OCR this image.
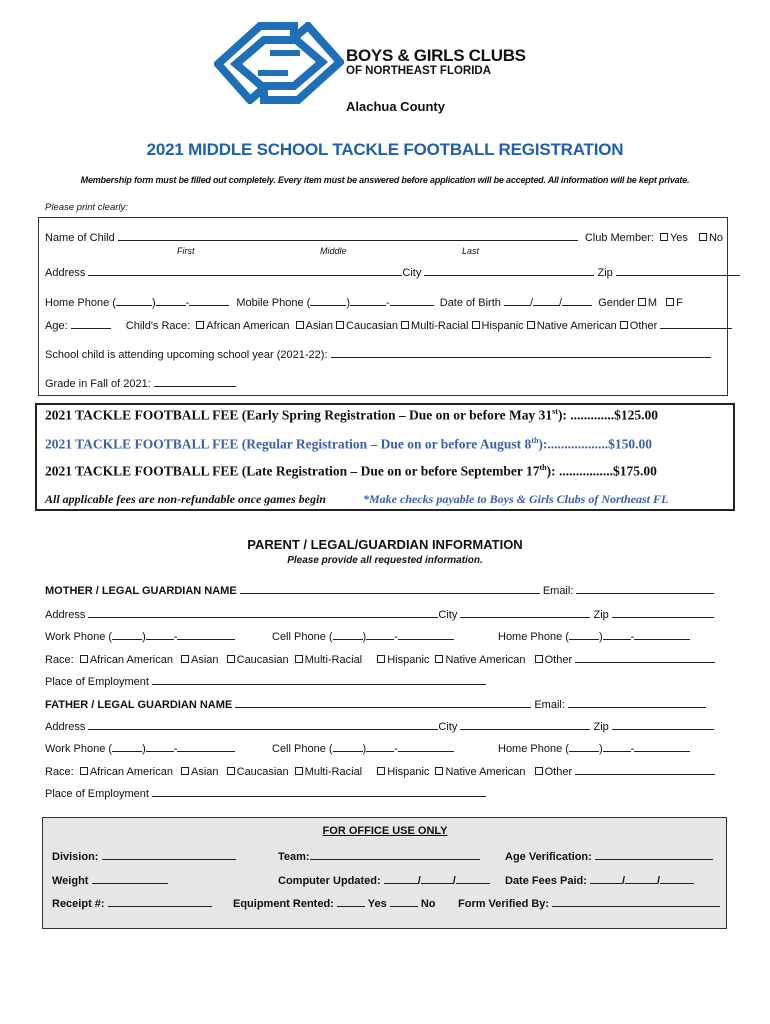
BOYS & GIRLS CLUBS
OF NORTHEAST FLORIDA
Alachua County
2021 MIDDLE SCHOOL TACKLE FOOTBALL REGISTRATION
Membership form must be filled out completely. Every item must be answered before application will be accepted. All information will be kept private.
Please print clearly:
Name of Child	Club Member: Yes No
First	Middle	Last
Address	City	Zip
Home Phone (	)	-	Mobile Phone (	)	-	Date of Birth	/ /	Gender M F
Age:	Child's Race: African American Asian Caucasian Multi-Racial Hispanic Native American Other
School child is attending upcoming school year (2021-22):
Grade in Fall of 2021:
2021 TACKLE FOOTBALL FEE (Early Spring Registration – Due on or before May 31st): .............$125.00
2021 TACKLE FOOTBALL FEE (Regular Registration – Due on or before August 8th):..................$150.00
2021 TACKLE FOOTBALL FEE (Late Registration – Due on or before September 17th): ................$175.00
All applicable fees are non-refundable once games begin	*Make checks payable to Boys & Girls Clubs of Northeast FL
PARENT / LEGAL/GUARDIAN INFORMATION
Please provide all requested information.
MOTHER / LEGAL GUARDIAN NAME	Email:
Address	City	Zip
Work Phone (	)	-	Cell Phone (	)	-	Home Phone (	)	-
Race: African American Asian Caucasian Multi-Racial Hispanic Native American Other
Place of Employment
FATHER / LEGAL GUARDIAN NAME	Email:
Address	City	Zip
Work Phone (	)	-	Cell Phone (	)	-	Home Phone (	)	-
Race: African American Asian Caucasian Multi-Racial Hispanic Native American Other
Place of Employment
FOR OFFICE USE ONLY
Division:	Team:	Age Verification:
Weight	Computer Updated:	/	/	Date Fees Paid:	/	/
Receipt #:	Equipment Rented:	Yes	No Form Verified By:
